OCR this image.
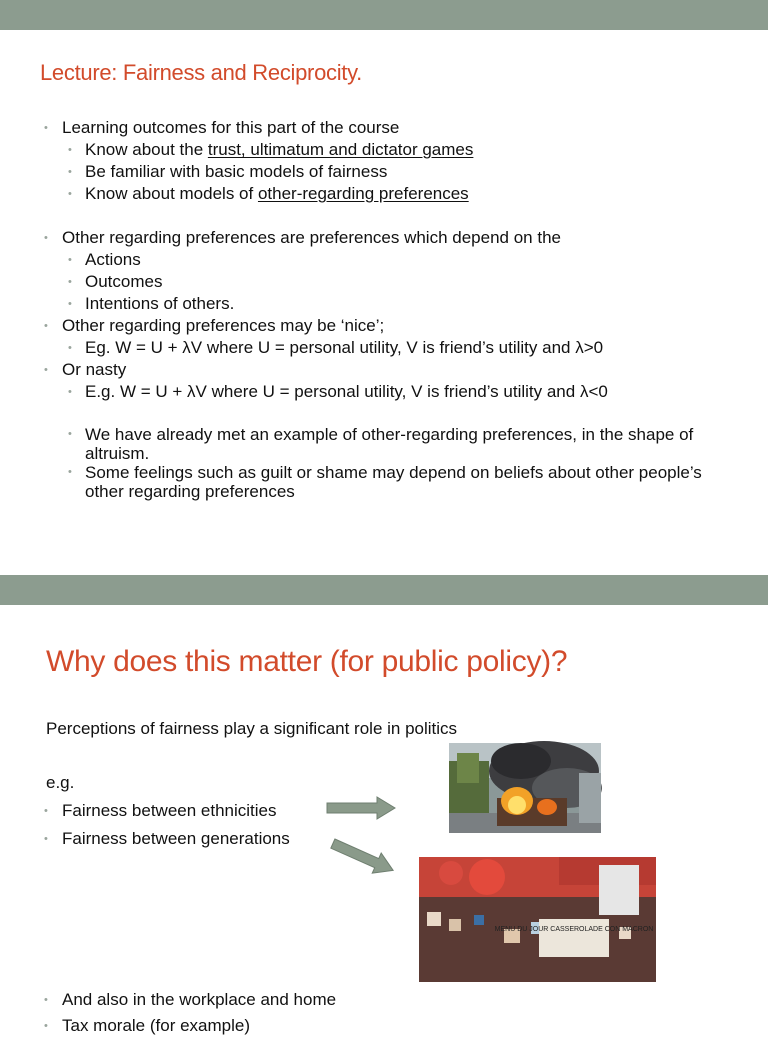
Lecture: Fairness and Reciprocity.
• Learning outcomes for this part of the course
• Know about the trust, ultimatum and dictator games
• Be familiar with basic models of fairness
• Know about models of other-regarding preferences
• Other regarding preferences are preferences which depend on the
• Actions
• Outcomes
• Intentions of others.
• Other regarding preferences may be ‘nice’;
• Eg. W = U + λV where U = personal utility, V is friend’s utility and λ>0
• Or nasty
• E.g. W = U + λV where U = personal utility, V is friend’s utility and λ<0
• We have already met an example of other-regarding preferences, in the shape of altruism.
• Some feelings such as guilt or shame may depend on beliefs about other people’s other regarding preferences
Why does this matter (for public policy)?

Perceptions of fairness play a significant role in politics

e.g.

• Fairness between ethnicities
• Fairness between generations
MENU DU JOUR CASSEROLADE CON MACRON
• And also in the workplace and home
• Tax morale (for example)
